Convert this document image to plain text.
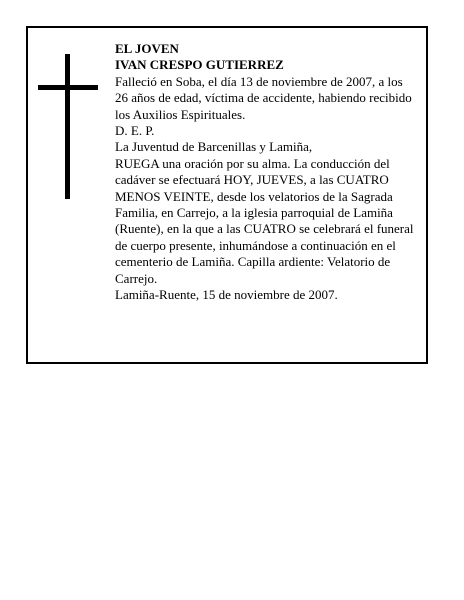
EL JOVEN

IVAN CRESPO GUTIERREZ

Falleció en Soba, el día 13 de noviembre de 2007, a los 26 años de edad, víctima de accidente, habiendo recibido los Auxilios Espirituales.

D. E. P.

La Juventud de Barcenillas y Lamiña,

RUEGA una oración por su alma. La conducción del cadáver se efectuará HOY, JUEVES, a las CUATRO MENOS VEINTE, desde los velatorios de la Sagrada Familia, en Carrejo, a la iglesia parroquial de Lamiña (Ruente), en la que a las CUATRO se celebrará el funeral de cuerpo presente, inhumándose a continuación en el cementerio de Lamiña. Capilla ardiente: Velatorio de Carrejo.

Lamiña-Ruente, 15 de noviembre de 2007.
